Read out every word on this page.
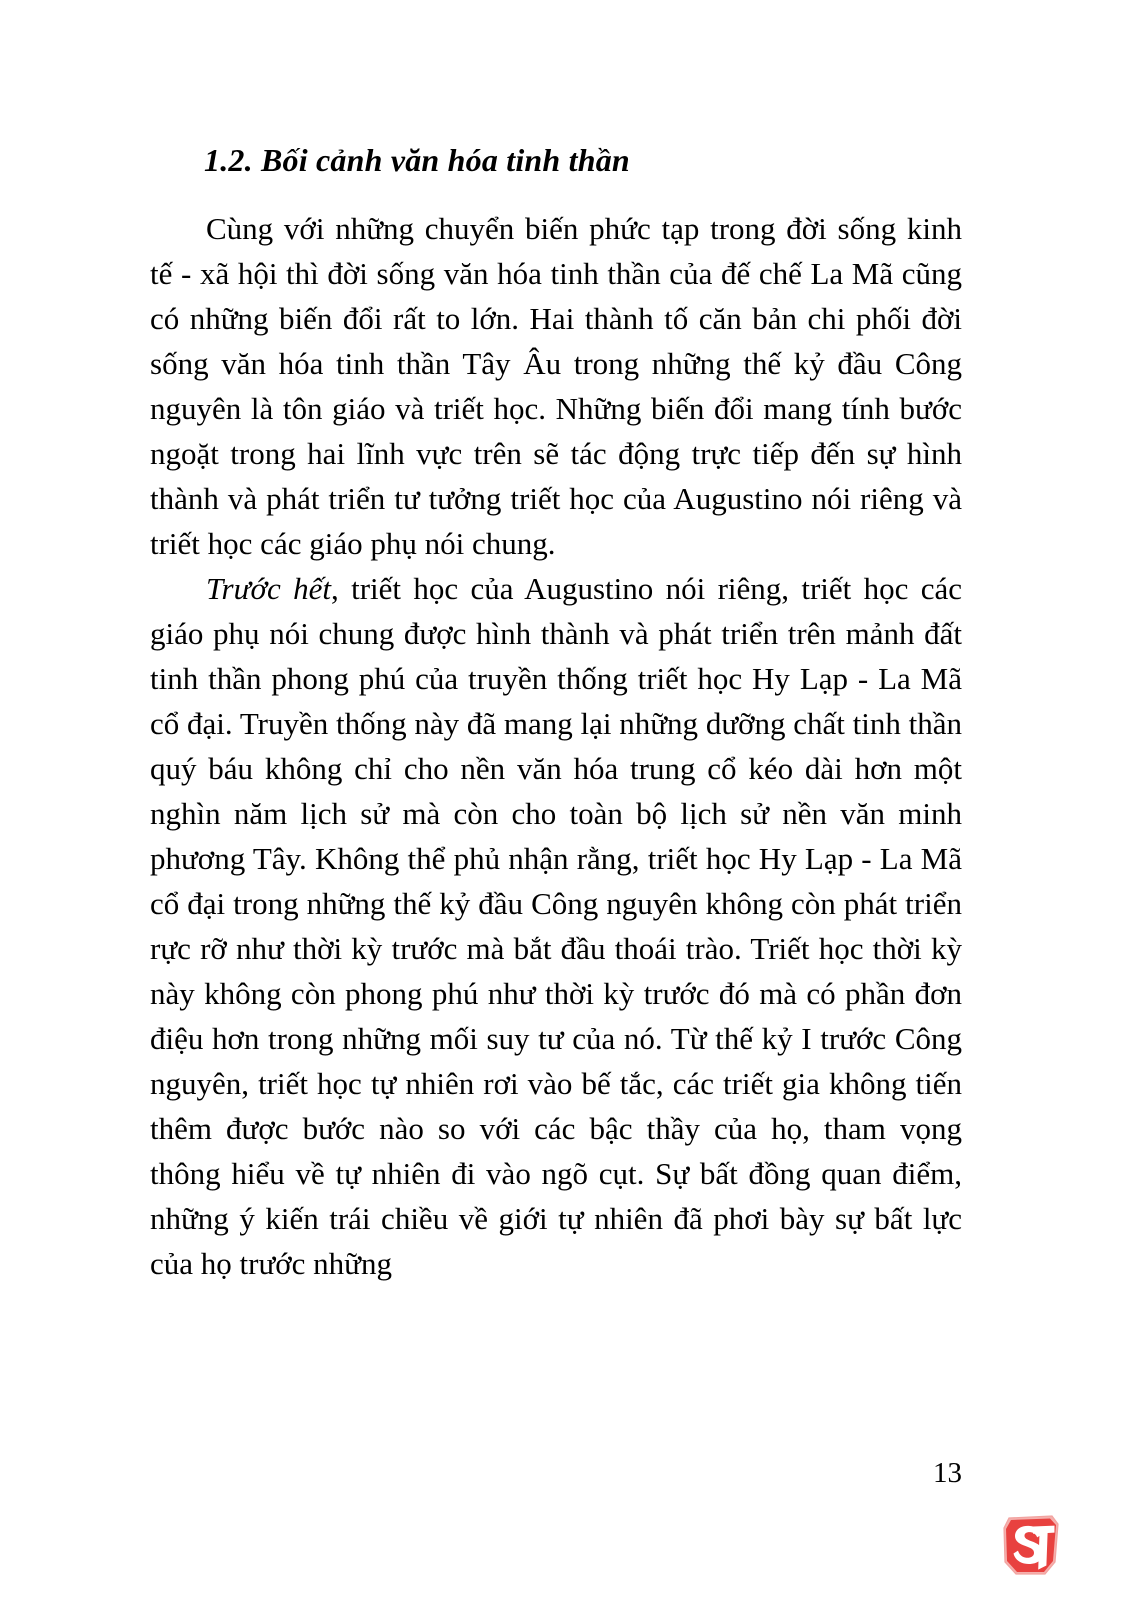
1.2. Bối cảnh văn hóa tinh thần

Cùng với những chuyển biến phức tạp trong đời sống kinh tế - xã hội thì đời sống văn hóa tinh thần của đế chế La Mã cũng có những biến đổi rất to lớn. Hai thành tố căn bản chi phối đời sống văn hóa tinh thần Tây Âu trong những thế kỷ đầu Công nguyên là tôn giáo và triết học. Những biến đổi mang tính bước ngoặt trong hai lĩnh vực trên sẽ tác động trực tiếp đến sự hình thành và phát triển tư tưởng triết học của Augustino nói riêng và triết học các giáo phụ nói chung.

Trước hết, triết học của Augustino nói riêng, triết học các giáo phụ nói chung được hình thành và phát triển trên mảnh đất tinh thần phong phú của truyền thống triết học Hy Lạp - La Mã cổ đại. Truyền thống này đã mang lại những dưỡng chất tinh thần quý báu không chỉ cho nền văn hóa trung cổ kéo dài hơn một nghìn năm lịch sử mà còn cho toàn bộ lịch sử nền văn minh phương Tây. Không thể phủ nhận rằng, triết học Hy Lạp - La Mã cổ đại trong những thế kỷ đầu Công nguyên không còn phát triển rực rỡ như thời kỳ trước mà bắt đầu thoái trào. Triết học thời kỳ này không còn phong phú như thời kỳ trước đó mà có phần đơn điệu hơn trong những mối suy tư của nó. Từ thế kỷ I trước Công nguyên, triết học tự nhiên rơi vào bế tắc, các triết gia không tiến thêm được bước nào so với các bậc thầy của họ, tham vọng thông hiểu về tự nhiên đi vào ngõ cụt. Sự bất đồng quan điểm, những ý kiến trái chiều về giới tự nhiên đã phơi bày sự bất lực của họ trước những

13
